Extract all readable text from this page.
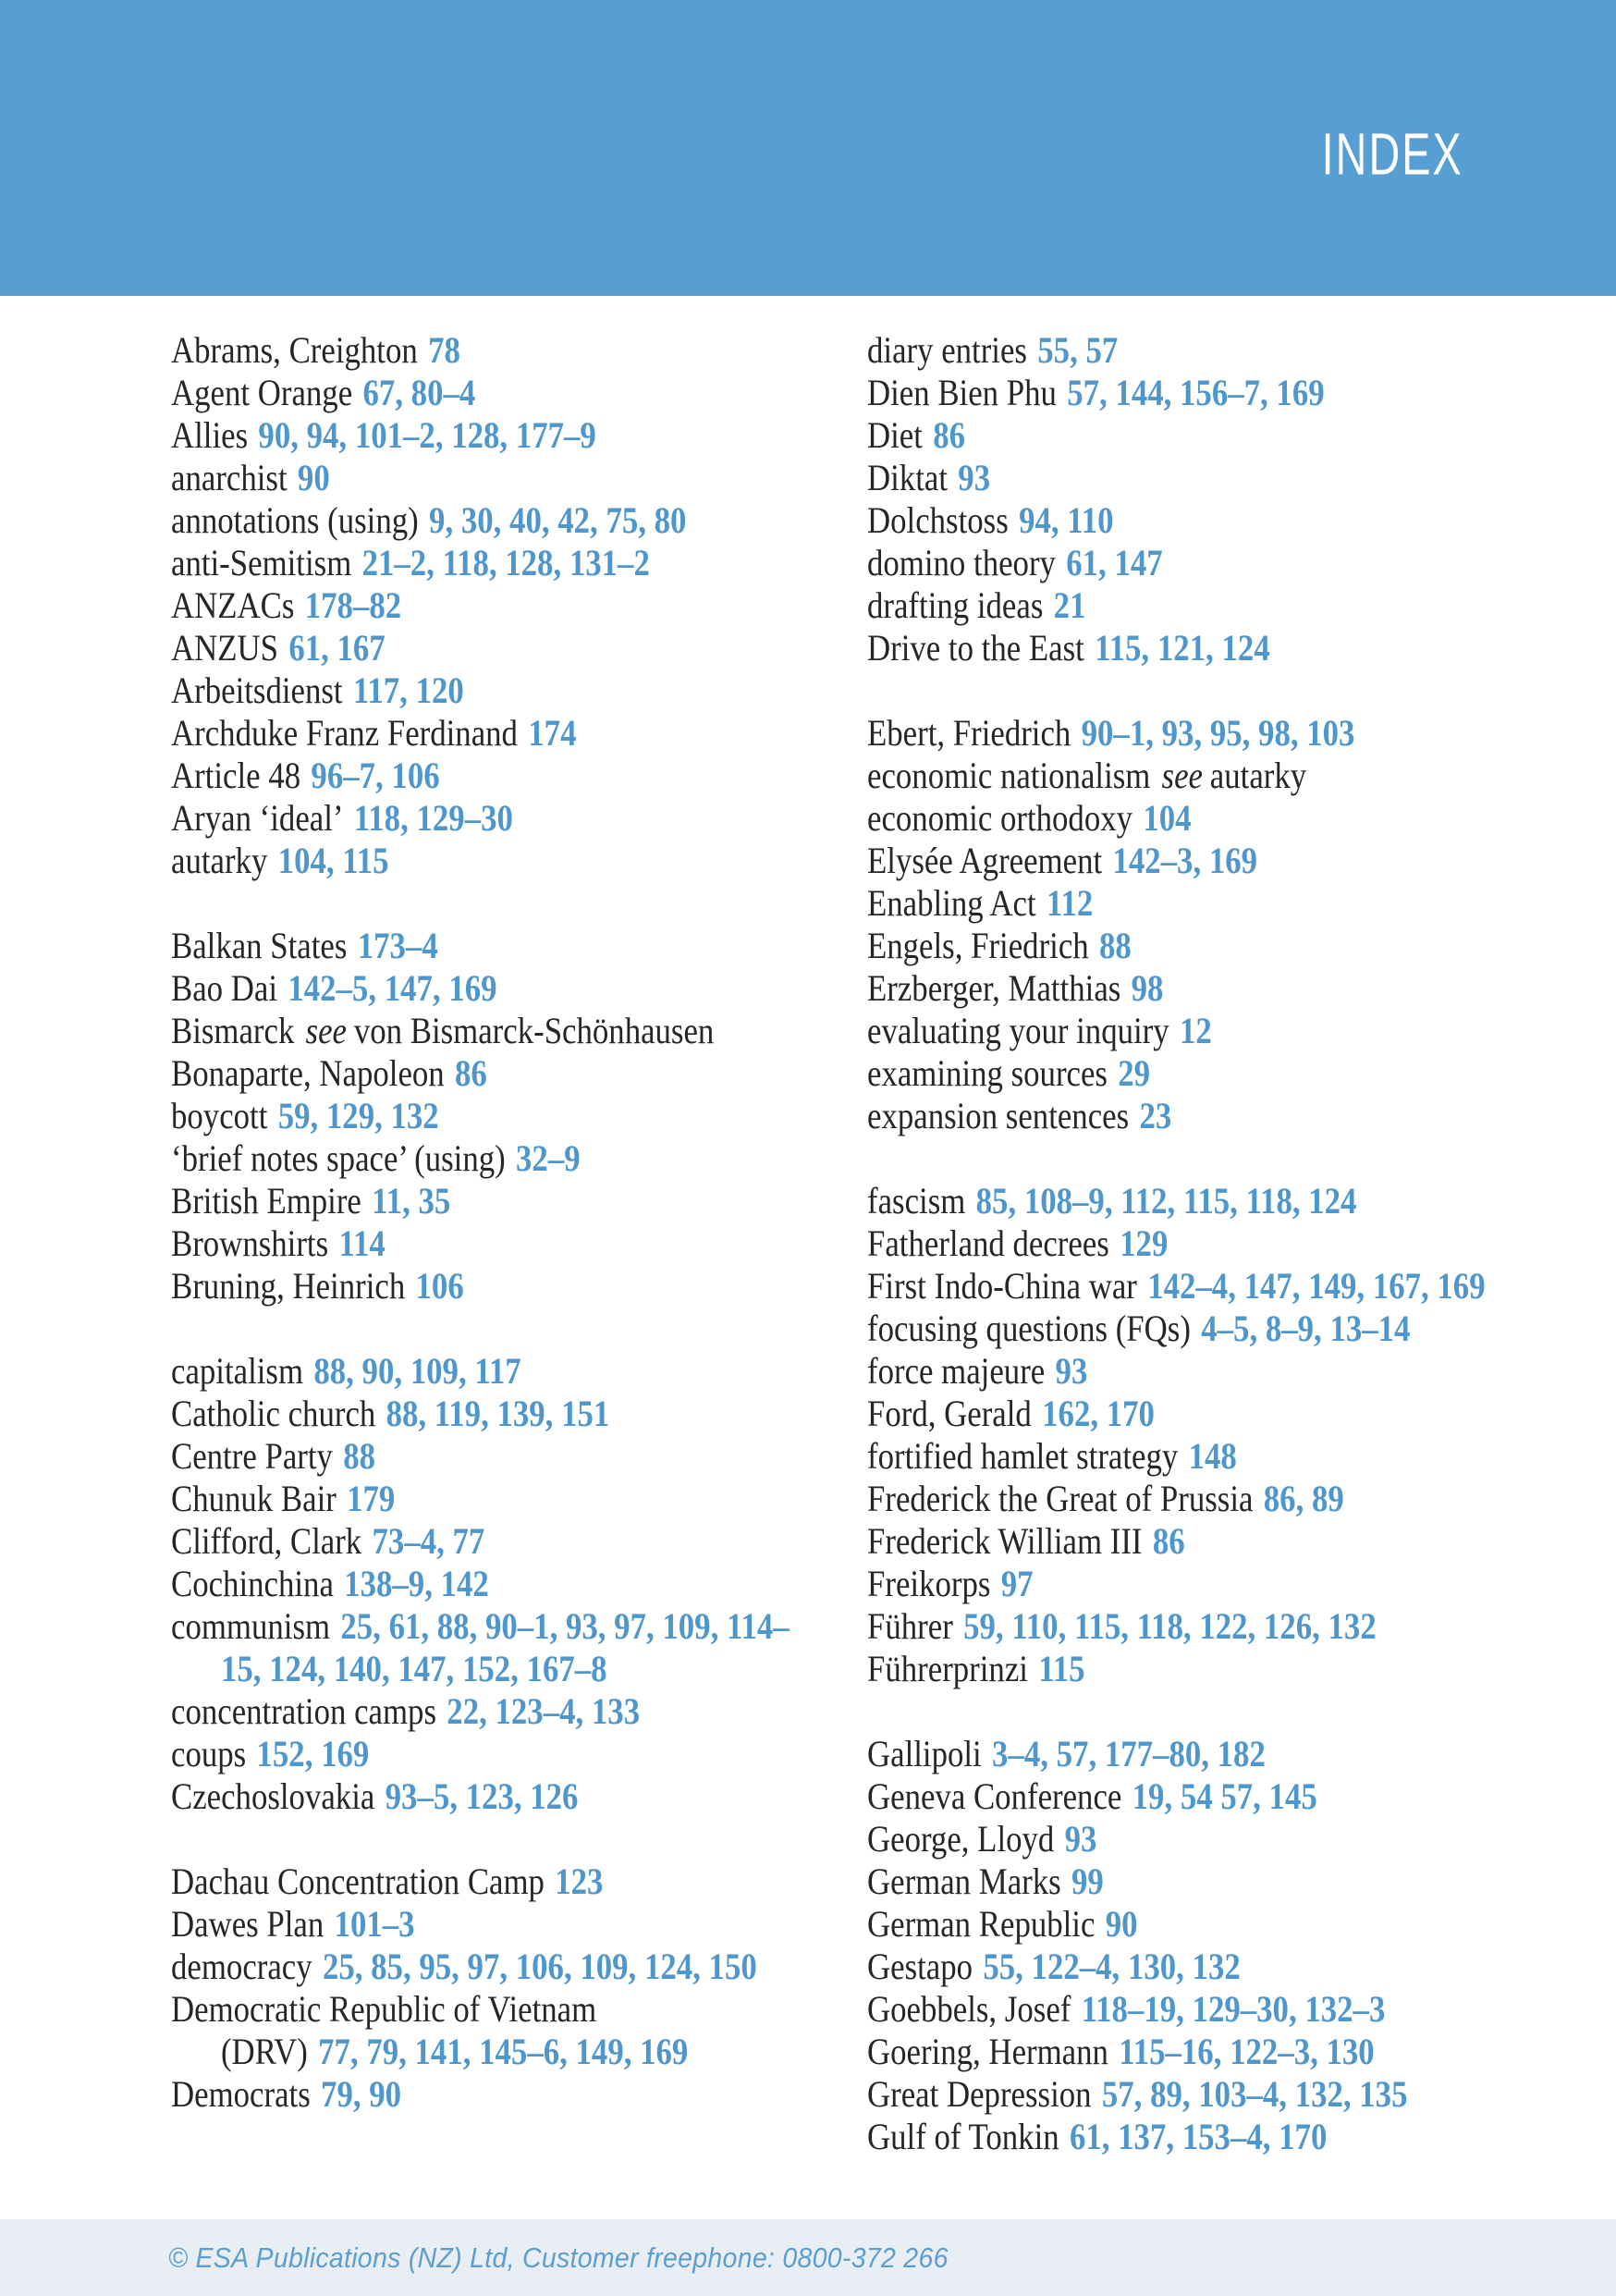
INDEX
Abrams, Creighton 78
Agent Orange 67, 80–4
Allies 90, 94, 101–2, 128, 177–9
anarchist 90
annotations (using) 9, 30, 40, 42, 75, 80
anti-Semitism 21–2, 118, 128, 131–2
ANZACs 178–82
ANZUS 61, 167
Arbeitsdienst 117, 120
Archduke Franz Ferdinand 174
Article 48 96–7, 106
Aryan ‘ideal’ 118, 129–30
autarky 104, 115
Balkan States 173–4
Bao Dai 142–5, 147, 169
Bismarck see von Bismarck-Schönhausen
Bonaparte, Napoleon 86
boycott 59, 129, 132
‘brief notes space’ (using) 32–9
British Empire 11, 35
Brownshirts 114
Bruning, Heinrich 106
capitalism 88, 90, 109, 117
Catholic church 88, 119, 139, 151
Centre Party 88
Chunuk Bair 179
Clifford, Clark 73–4, 77
Cochinchina 138–9, 142
communism 25, 61, 88, 90–1, 93, 97, 109, 114–15, 124, 140, 147, 152, 167–8
concentration camps 22, 123–4, 133
coups 152, 169
Czechoslovakia 93–5, 123, 126
Dachau Concentration Camp 123
Dawes Plan 101–3
democracy 25, 85, 95, 97, 106, 109, 124, 150
Democratic Republic of Vietnam
(DRV) 77, 79, 141, 145–6, 149, 169
Democrats 79, 90
diary entries 55, 57
Dien Bien Phu 57, 144, 156–7, 169
Diet 86
Diktat 93
Dolchstoss 94, 110
domino theory 61, 147
drafting ideas 21
Drive to the East 115, 121, 124
Ebert, Friedrich 90–1, 93, 95, 98, 103
economic nationalism see autarky
economic orthodoxy 104
Elysée Agreement 142–3, 169
Enabling Act 112
Engels, Friedrich 88
Erzberger, Matthias 98
evaluating your inquiry 12
examining sources 29
expansion sentences 23
fascism 85, 108–9, 112, 115, 118, 124
Fatherland decrees 129
First Indo-China war 142–4, 147, 149, 167, 169
focusing questions (FQs) 4–5, 8–9, 13–14
force majeure 93
Ford, Gerald 162, 170
fortified hamlet strategy 148
Frederick the Great of Prussia 86, 89
Frederick William III 86
Freikorps 97
Führer 59, 110, 115, 118, 122, 126, 132
Führerprinzi 115
Gallipoli 3–4, 57, 177–80, 182
Geneva Conference 19, 54 57, 145
George, Lloyd 93
German Marks 99
German Republic 90
Gestapo 55, 122–4, 130, 132
Goebbels, Josef 118–19, 129–30, 132–3
Goering, Hermann 115–16, 122–3, 130
Great Depression 57, 89, 103–4, 132, 135
Gulf of Tonkin 61, 137, 153–4, 170
© ESA Publications (NZ) Ltd, Customer freephone: 0800-372 266
